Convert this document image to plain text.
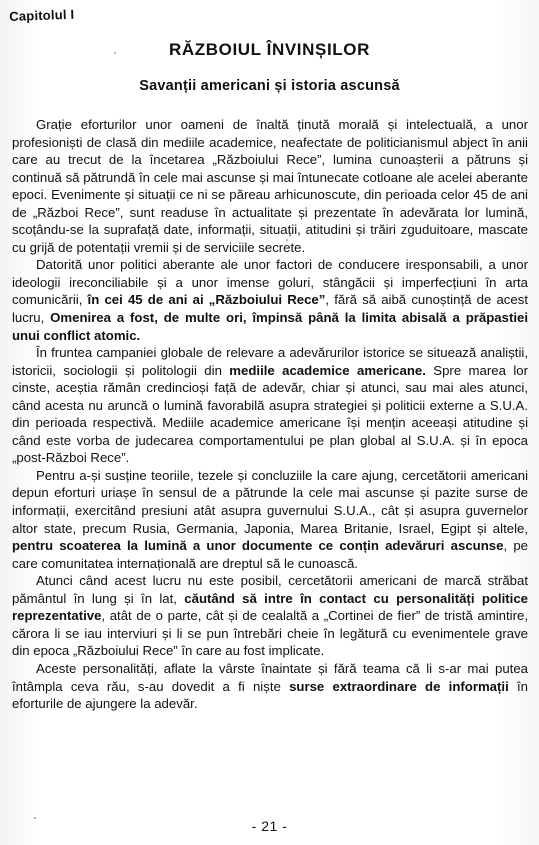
Capitolul I
RĂZBOIUL ÎNVINȘILOR
Savanții americani și istoria ascunsă

Grație eforturilor unor oameni de înaltă ținută morală și intelectuală, a unor profesioniști de clasă din mediile academice, neafectate de politicianismul abject în anii care au trecut de la încetarea „Războiului Rece”, lumina cunoașterii a pătruns și continuă să pătrundă în cele mai ascunse și mai întunecate cotloane ale acelei aberante epoci. Evenimente și situații ce ni se păreau arhicunoscute, din perioada celor 45 de ani de „Război Rece”, sunt readuse în actualitate și prezentate în adevărata lor lumină, scoțându-se la suprafață date, informații, situații, atitudini și trăiri zguduitoare, mascate cu grijă de potentații vremii și de serviciile secrete.

Datorită unor politici aberante ale unor factori de conducere iresponsabili, a unor ideologii ireconciliabile și a unor imense goluri, stângăcii și imperfecțiuni în arta comunicării, în cei 45 de ani ai „Războiului Rece”, fără să aibă cunoștință de acest lucru, Omenirea a fost, de multe ori, împinsă până la limita abisală a prăpastiei unui conflict atomic.

În fruntea campaniei globale de relevare a adevărurilor istorice se situează analiștii, istoricii, sociologii și politologii din mediile academice americane. Spre marea lor cinste, aceștia rămân credincioși față de adevăr, chiar și atunci, sau mai ales atunci, când acesta nu aruncă o lumină favorabilă asupra strategiei și politicii externe a S.U.A. din perioada respectivă. Mediile academice americane își mențin aceeași atitudine și când este vorba de judecarea comportamentului pe plan global al S.U.A. și în epoca „post-Război Rece”.

Pentru a-și susține teoriile, tezele și concluziile la care ajung, cercetătorii americani depun eforturi uriașe în sensul de a pătrunde la cele mai ascunse și pazite surse de informații, exercitând presiuni atât asupra guvernului S.U.A., cât și asupra guvernelor altor state, precum Rusia, Germania, Japonia, Marea Britanie, Israel, Egipt și altele, pentru scoaterea la lumină a unor documente ce conțin adevăruri ascunse, pe care comunitatea internațională are dreptul să le cunoască.

Atunci când acest lucru nu este posibil, cercetătorii americani de marcă străbat pământul în lung și în lat, căutând să intre în contact cu personalități politice reprezentative, atât de o parte, cât și de cealaltă a „Cortinei de fier” de tristă amintire, cărora li se iau interviuri și li se pun întrebări cheie în legătură cu evenimentele grave din epoca „Războiului Rece” în care au fost implicate.

Aceste personalități, aflate la vârste înaintate și fără teama că li s-ar mai putea întâmpla ceva rău, s-au dovedit a fi niște surse extraordinare de informații în eforturile de ajungere la adevăr.

- 21 -
